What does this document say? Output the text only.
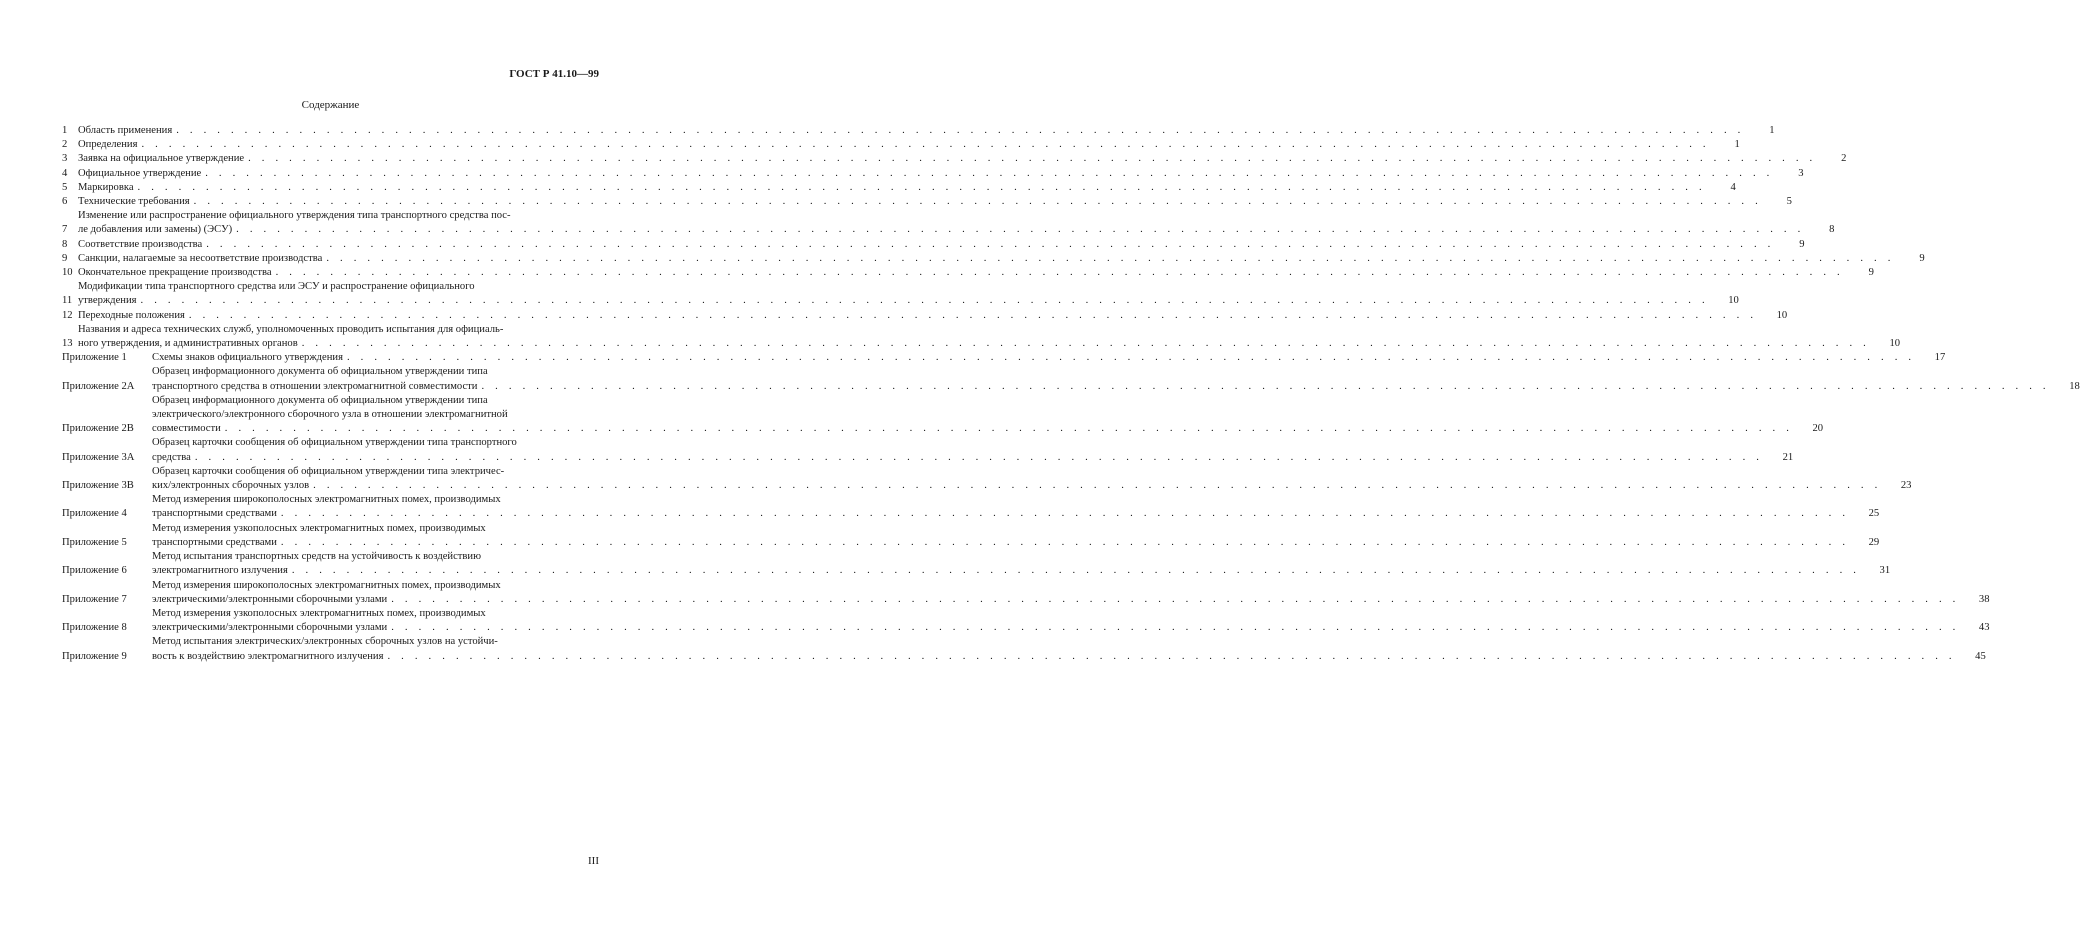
ГОСТ Р 41.10—99
Содержание
1	Область применения . . .	1
2	Определения . . .	1
3	Заявка на официальное утверждение . . .	2
4	Официальное утверждение . . .	3
5	Маркировка . . .	4
6	Технические требования . . .	5
7
Изменение или распространение официального утверждения типа транспортного средства пос-
ле добавления или замены) (ЭСУ) . . .	8
8	Соответствие производства . . .	9
9	Санкции, налагаемые за несоответствие производства . . .	9
10 Окончательное прекращение производства . . .	9
11
Модификации типа транспортного средства или ЭСУ и распространение официального
утверждения . . .	10
12 Переходные положения . . .	10
13
Названия и адреса технических служб, уполномоченных проводить испытания для официаль-
ного утверждения, и административных органов . . .	10
Приложение 1	Схемы знаков официального утверждения . . .	17
Приложение 2А
Образец информационного документа об официальном утверждении типа
транспортного средства в отношении электромагнитной совместимости . . .	18
Приложение 2В
Образец информационного документа об официальном утверждении типа
электрического/электронного сборочного узла в отношении электромагнитной
совместимости . . .	20
Приложение 3А
Образец карточки сообщения об официальном утверждении типа транспортного
средства . . .	21
Приложение 3В
Образец карточки сообщения об официальном утверждении типа электричес-
ких/электронных сборочных узлов . . .	23
Приложение 4
Метод измерения широкополосных электромагнитных помех, производимых
транспортными средствами . . .	25
Приложение 5
Метод измерения узкополосных электромагнитных помех, производимых
транспортными средствами . . .	29
Приложение 6
Метод испытания транспортных средств на устойчивость к воздействию
электромагнитного излучения . . .	31
Приложение 7
Метод измерения широкополосных электромагнитных помех, производимых
электрическими/электронными сборочными узлами . . .	38
Приложение 8
Метод измерения узкополосных электромагнитных помех, производимых
электрическими/электронными сборочными узлами . . .	43
Приложение 9
Метод испытания электрических/электронных сборочных узлов на устойчи-
вость к воздействию электромагнитного излучения . . .	45
III
